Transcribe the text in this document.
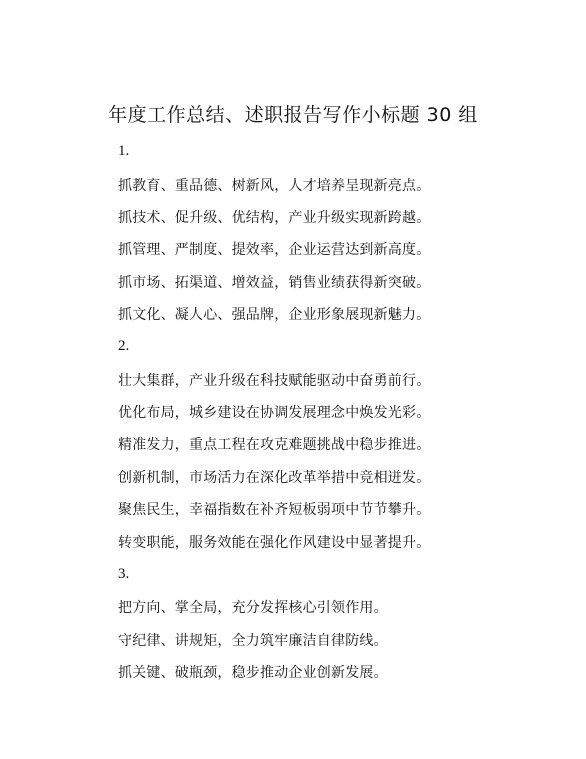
年度工作总结、述职报告写作小标题 30 组
1.
抓教育、重品德、树新风，人才培养呈现新亮点。
抓技术、促升级、优结构，产业升级实现新跨越。
抓管理、严制度、提效率，企业运营达到新高度。
抓市场、拓渠道、增效益，销售业绩获得新突破。
抓文化、凝人心、强品牌，企业形象展现新魅力。
2.
壮大集群，产业升级在科技赋能驱动中奋勇前行。
优化布局，城乡建设在协调发展理念中焕发光彩。
精准发力，重点工程在攻克难题挑战中稳步推进。
创新机制，市场活力在深化改革举措中竞相迸发。
聚焦民生，幸福指数在补齐短板弱项中节节攀升。
转变职能，服务效能在强化作风建设中显著提升。
3.
把方向、掌全局，充分发挥核心引领作用。
守纪律、讲规矩，全力筑牢廉洁自律防线。
抓关键、破瓶颈，稳步推动企业创新发展。
